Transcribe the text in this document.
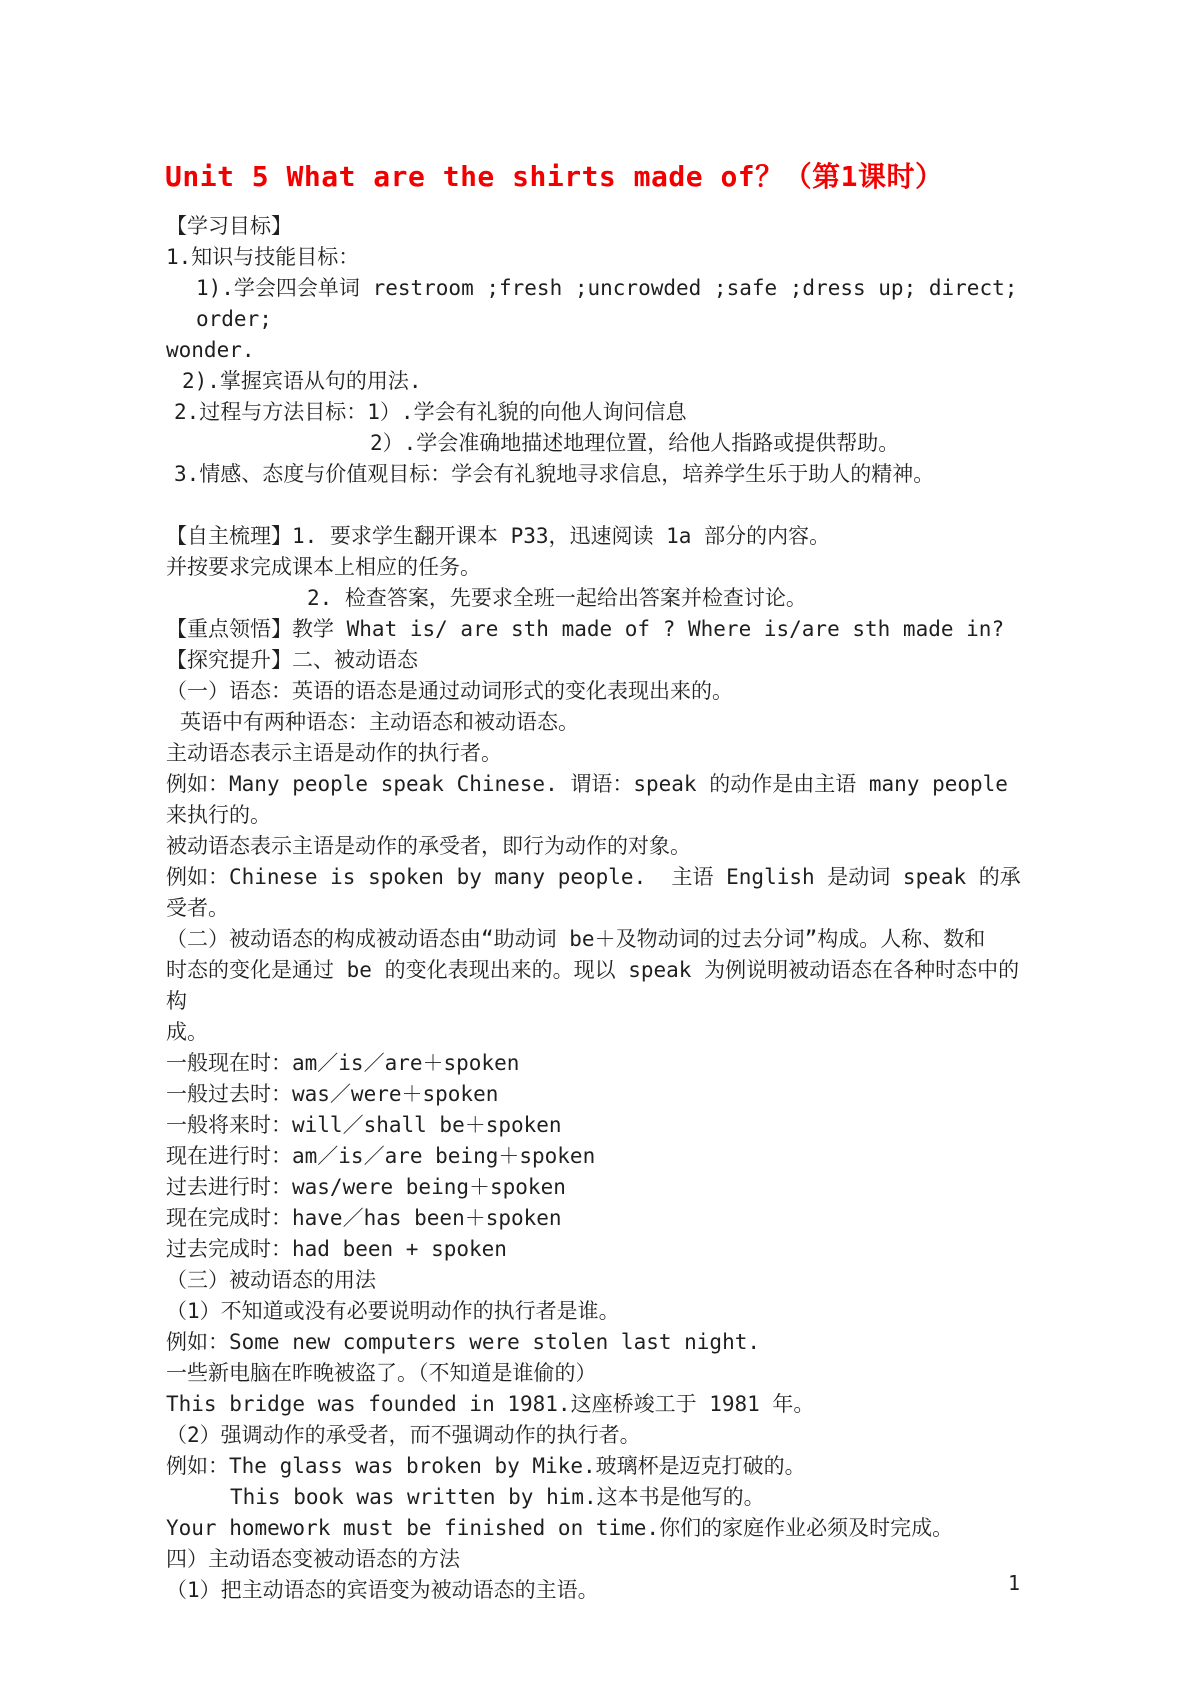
Unit 5 What are the shirts made of？（第1课时）

【学习目标】

1.知识与技能目标：

1).学会四会单词 restroom ;fresh ;uncrowded ;safe ;dress up; direct; order;

wonder.

2).掌握宾语从句的用法.

2.过程与方法目标：1）.学会有礼貌的向他人询问信息

2）.学会准确地描述地理位置，给他人指路或提供帮助。

3.情感、态度与价值观目标：学会有礼貌地寻求信息，培养学生乐于助人的精神。

【自主梳理】1. 要求学生翻开课本 P33，迅速阅读 1a 部分的内容。

并按要求完成课本上相应的任务。

2. 检查答案，先要求全班一起给出答案并检查讨论。

【重点领悟】教学 What is/ are sth made of ? Where is/are sth made in?

【探究提升】二、被动语态

（一）语态：英语的语态是通过动词形式的变化表现出来的。

英语中有两种语态：主动语态和被动语态。

主动语态表示主语是动作的执行者。

例如：Many people speak Chinese. 谓语：speak 的动作是由主语 many people

来执行的。

被动语态表示主语是动作的承受者，即行为动作的对象。

例如：Chinese is spoken by many people.  主语 English 是动词 speak 的承受者。

（二）被动语态的构成被动语态由“助动词 be＋及物动词的过去分词”构成。人称、数和

时态的变化是通过 be 的变化表现出来的。现以 speak 为例说明被动语态在各种时态中的构

成。

一般现在时：am／is／are＋spoken

一般过去时：was／were＋spoken

一般将来时：will／shall be＋spoken

现在进行时：am／is／are being＋spoken

过去进行时：was/were being＋spoken

现在完成时：have／has been＋spoken

过去完成时：had been + spoken

（三）被动语态的用法

（1）不知道或没有必要说明动作的执行者是谁。

例如：Some new computers were stolen last night.

一些新电脑在昨晚被盗了。（不知道是谁偷的）

This bridge was founded in 1981.这座桥竣工于 1981 年。

（2）强调动作的承受者，而不强调动作的执行者。

例如：The glass was broken by Mike.玻璃杯是迈克打破的。

This book was written by him.这本书是他写的。

Your homework must be finished on time.你们的家庭作业必须及时完成。

四）主动语态变被动语态的方法

（1）把主动语态的宾语变为被动语态的主语。	1
